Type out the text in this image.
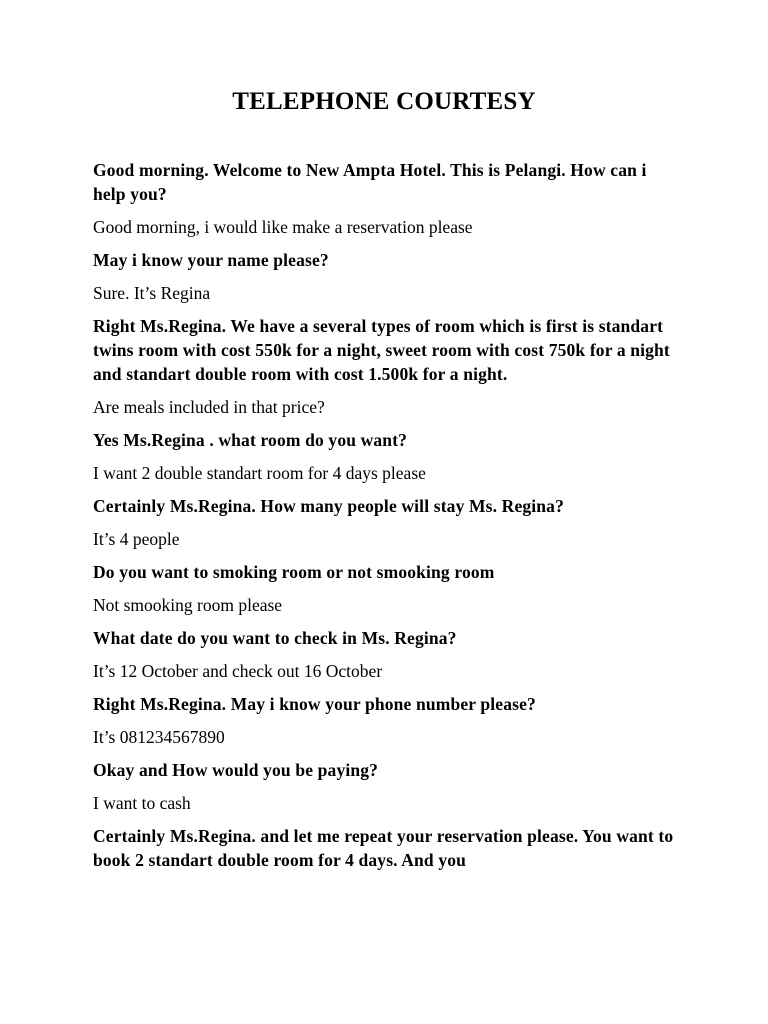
TELEPHONE COURTESY

Good morning. Welcome to New Ampta Hotel. This is Pelangi. How can i help you?

Good morning, i would like make a reservation please

May i know your name please?

Sure. It’s Regina

Right Ms.Regina. We have a several types of room which is first is standart twins room with cost 550k for a night, sweet room with cost 750k for a night and standart double room with cost 1.500k for a night.

Are meals included in that price?

Yes Ms.Regina . what room do you want?

I want 2 double standart room for 4 days please

Certainly Ms.Regina. How many people will stay Ms. Regina?

It’s 4 people

Do you want to smoking room or not smooking room

Not smooking room please

What date do you want to check in Ms. Regina?

It’s 12 October and check out 16 October

Right Ms.Regina. May i know your phone number please?

It’s 081234567890

Okay and How would you be paying?

I want to cash

Certainly Ms.Regina. and let me repeat your reservation please. You want to book 2 standart double room for 4 days. And you
